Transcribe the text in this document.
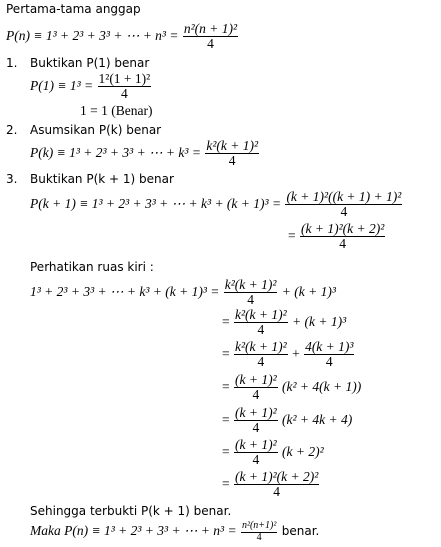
Pertama-tama anggap
P(n) ≡ 1³ + 2³ + 3³ + ⋯ + $n^3 = \frac{\text{n²(n + 1)²}}{4}$
1. Buktikan P(1) benar
$P(1) \equiv 1^3 = \frac{\text{1²(1 + 1)²}}{4}$
1 = 1 (Benar)
2. Asumsikan P(k) benar
P(k) ≡ 1³ + 2³ + 3³ + ⋯ + $k^3 = \frac{\text{k²(k + 1)²}}{4}$
3. Buktikan P(k + 1) benar
P(k + 1) ≡ 1³ + 2³ + 3³ + ⋯ + $k^3 + (k + 1)^3 = \frac{\text{(k + 1)²((k + 1) + 1)²}}{4}$
= $\frac{\text{(k + 1)²(k + 2)²}}{4}$
Perhatikan ruas kiri :
1³ + 2³ + 3³ + ⋯ + $k^3 + (k + 1)^3 = \frac{\text{k²(k + 1)²}}{4} + (k + 1)^3$
= $\frac{\text{k²(k + 1)²}}{4} + (k + 1)^3$
= $\frac{\text{k²(k + 1)²}}{4} + \frac{\text{4(k + 1)³}}{4}$
= $\frac{\text{(k + 1)²}}{4} (k^2 + 4(k + 1))$
= $\frac{\text{(k + 1)²}}{4} (k^2 + 4k + 4)$
= $\frac{\text{(k + 1)²}}{4} (k + 2)^2$
= $\frac{\text{(k + 1)²(k + 2)²}}{4}$
Sehingga terbukti P(k + 1) benar.
Maka P(n) ≡ 1³ + 2³ + 3³ + ⋯ + $n^3 = \frac{\text{n²(n+1)²}}{4}$ benar.
